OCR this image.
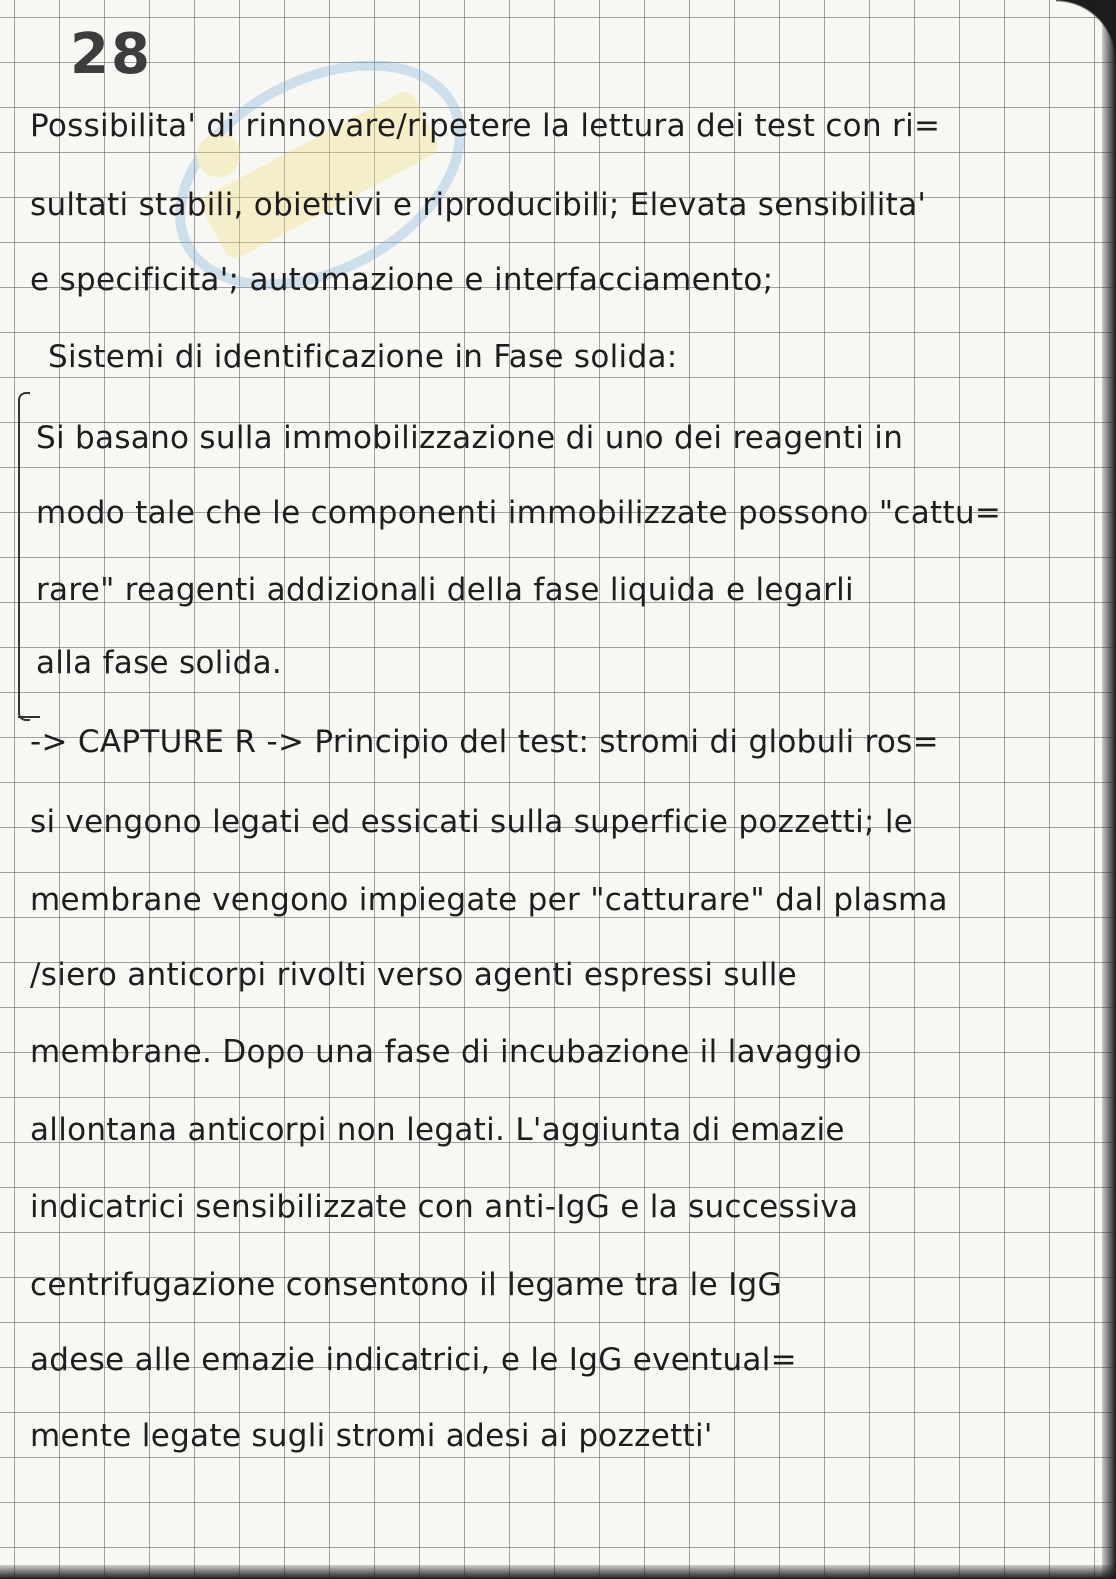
28
Possibilita' di rinnovare/ripetere la lettura dei test con ri=
sultati stabili, obiettivi e riproducibili; Elevata sensibilita'
e specificita'; automazione e interfacciamento;
Sistemi di identificazione in Fase solida:
Si basano sulla immobilizzazione di uno dei reagenti in
modo tale che le componenti immobilizzate possono "cattu=
rare" reagenti addizionali della fase liquida e legarli
alla fase solida.
-> CAPTURE R -> Principio del test: stromi di globuli ros=
si vengono legati ed essicati sulla superficie pozzetti; le
membrane vengono impiegate per "catturare" dal plasma
/siero anticorpi rivolti verso agenti espressi sulle
membrane. Dopo una fase di incubazione il lavaggio
allontana anticorpi non legati. L'aggiunta di emazie
indicatrici sensibilizzate con anti-IgG e la successiva
centrifugazione consentono il legame tra le IgG
adese alle emazie indicatrici, e le IgG eventual=
mente legate sugli stromi adesi ai pozzetti'
